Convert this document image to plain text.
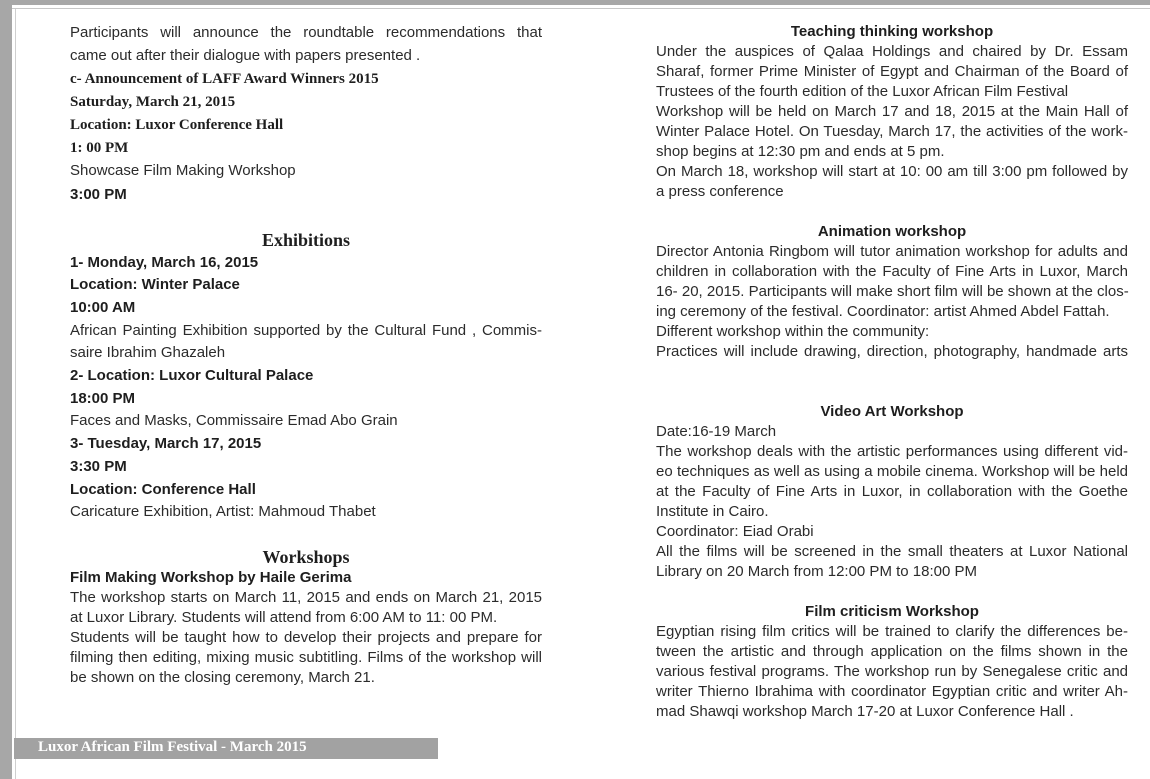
Participants will announce the roundtable recommendations that
came out after their dialogue with papers presented .
c- Announcement of LAFF Award Winners 2015
Saturday, March 21, 2015
Location: Luxor Conference Hall
1: 00 PM
Showcase Film Making Workshop
3:00 PM
Exhibitions
1- Monday, March 16, 2015
Location: Winter Palace
10:00 AM
African Painting Exhibition supported by the Cultural Fund , Commis-
saire Ibrahim Ghazaleh
2- Location: Luxor Cultural Palace
18:00 PM
Faces and Masks, Commissaire Emad Abo Grain
3- Tuesday, March 17, 2015
3:30 PM
Location: Conference Hall
Caricature Exhibition, Artist: Mahmoud Thabet
Workshops
Film Making Workshop by Haile Gerima
The workshop starts on March 11, 2015 and ends on March 21, 2015
at Luxor Library. Students will attend from 6:00 AM to 11: 00 PM.
Students will be taught how to develop their projects and prepare for
filming then editing, mixing music subtitling. Films of the workshop will
be shown on the closing ceremony, March 21.
Teaching thinking workshop
Under the auspices of Qalaa Holdings and chaired by Dr. Essam
Sharaf, former Prime Minister of Egypt and Chairman of the Board of
Trustees of the fourth edition of the Luxor African Film Festival
Workshop will be held on March 17 and 18, 2015 at the Main Hall of
Winter Palace Hotel. On Tuesday, March 17, the activities of the work-
shop begins at 12:30 pm and ends at 5 pm.
On March 18, workshop will start at 10: 00 am till 3:00 pm followed by
a press conference
Animation workshop
Director Antonia Ringbom will tutor animation workshop for adults and
children in collaboration with the Faculty of Fine Arts in Luxor, March
16- 20, 2015. Participants will make short film will be shown at the clos-
ing ceremony of the festival. Coordinator: artist Ahmed Abdel Fattah.
Different workshop within the community:
Practices will include drawing, direction, photography, handmade arts
Video Art Workshop
Date:16-19 March
The workshop deals with the artistic performances using different vid-
eo techniques as well as using a mobile cinema. Workshop will be held
at the Faculty of Fine Arts in Luxor, in collaboration with the Goethe
Institute in Cairo.
Coordinator: Eiad Orabi
All the films will be screened in the small theaters at Luxor National
Library on 20 March from 12:00 PM to 18:00 PM
Film criticism Workshop
Egyptian rising film critics will be trained to clarify the differences be-
tween the artistic and through application on the films shown in the
various festival programs. The workshop run by Senegalese critic and
writer Thierno Ibrahima with coordinator Egyptian critic and writer Ah-
mad Shawqi workshop March 17-20 at Luxor Conference Hall .
Luxor African Film Festival - March 2015
